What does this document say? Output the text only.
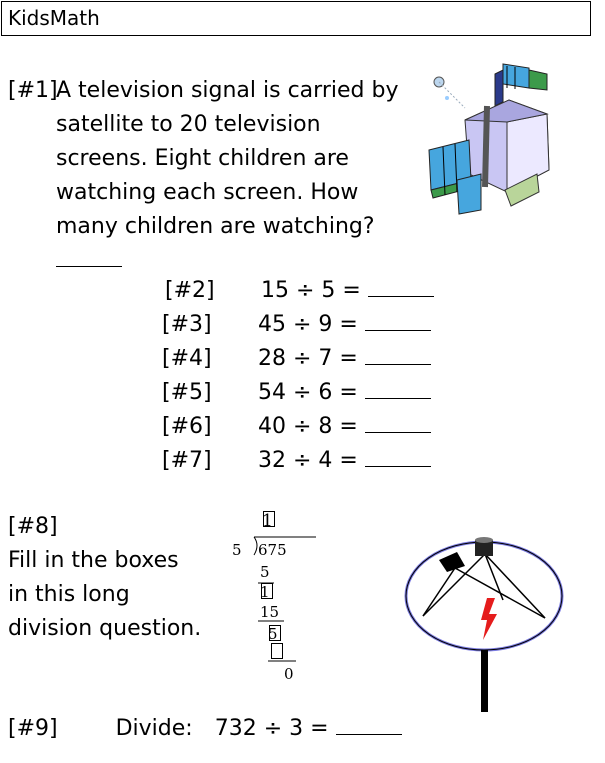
KidsMath
[#1]
A television signal is carried by
satellite to 20 television
screens. Eight children are
watching each screen. How
many children are watching?
[#2] 15 ÷ 5 =
[#3] 45 ÷ 9 =
[#4] 28 ÷ 7 =
[#5] 54 ÷ 6 =
[#6] 40 ÷ 8 =
[#7] 32 ÷ 4 =
[#8]
Fill in the boxes
in this long
division question.
1
5 675
5
1
15
5
0
[#9]	Divide: 732 ÷ 3 =
